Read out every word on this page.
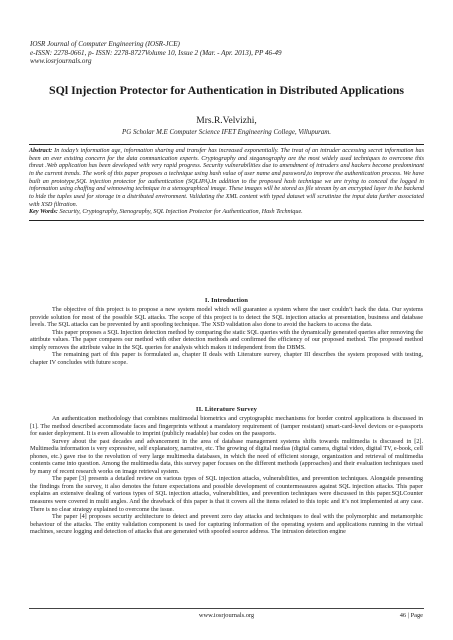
IOSR Journal of Computer Engineering (IOSR-JCE)
e-ISSN: 2278-0661, p- ISSN: 2278-8727Volume 10, Issue 2 (Mar. - Apr. 2013), PP 46-49
www.iosrjournals.org
SQl Injection Protector for Authentication in Distributed Applications
Mrs.R.Velvizhi,
PG Scholar M.E Computer Science IFET Engineering College, Villupuram.
Abstract: In today’s information age, information sharing and transfer has increased exponentially. The treat of an intruder accessing secret information has been an ever existing concern for the data communication experts. Cryptography and steganography are the most widely used techniques to overcome this threat .Web application has been developed with very rapid progress. Security vulnerabilities due to amendment of intruders and hackers become predominant in the current trends. The work of this paper proposes a technique using hash value of user name and password,to improve the authentication process. We have built an prototype,SQL injection protector for authentication (SQLIPA).In addition to the proposed hash technique we are trying to conceal the logged in information using chaffing and winnowing technique in a stenographical image. These images will be stored as file stream by an encrypted layer in the backend to hide the tuples used for storage in a distributed environment. Validating the XML content with typed dataset will scrutinize the input data further associated with XSD filtration.
Key Words: Security, Cryptography, Stenography, SQL Injection Protector for Authentication, Hash Technique.
I. Introduction

The objective of this project is to propose a new system model which will guarantee a system where the user couldn’t hack the data. Our systems provide solution for most of the possible SQL attacks. The scope of this project is to detect the SQL injection attacks at presentation, business and database levels. The SQL attacks can be prevented by anti spoofing technique. The XSD validation also done to avoid the hackers to access the data.

This paper proposes a SQL Injection detection method by comparing the static SQL queries with the dynamically generated queries after removing the attribute values. The paper compares our method with other detection methods and confirmed the efficiency of our proposed method. The proposed method simply removes the attribute value in the SQL queries for analysis which makes it independent from the DBMS.

The remaining part of this paper is formulated as, chapter II deals with Literature survey, chapter III describes the system proposed with testing, chapter IV concludes with future scope.

II. Literature Survey

An authentication methodology that combines multimodal biometrics and cryptographic mechanisms for border control applications is discussed in [1]. The method described accommodate faces and fingerprints without a mandatory requirement of (tamper resistant) smart-card-level devices or e-passports for easier deployment. It is even allowable to imprint (publicly readable) bar codes on the passports.

Survey about the past decades and advancement in the area of database management systems shifts towards multimedia is discussed in [2]. Multimedia information is very expressive, self explanatory, narrative, etc. The growing of digital medias (digital camera, digital video, digital TV, e-book, cell phones, etc.) gave rise to the revolution of very large multimedia databases, in which the need of efficient storage, organization and retrieval of multimedia contents came into question. Among the multimedia data, this survey paper focuses on the different methods (approaches) and their evaluation techniques used by many of recent research works on image retrieval system.

The paper [3] presents a detailed review on various types of SQL injection attacks, vulnerabilities, and prevention techniques. Alongside presenting the findings from the survey, it also denotes the future expectations and possible development of countermeasures against SQL injection attacks. This paper explains an extensive dealing of various types of SQL injection attacks, vulnerabilities, and prevention techniques were discussed in this paper.SQLCounter measures were covered in multi angles. And the drawback of this paper is that it covers all the items related to this topic and it’s not implemented at any case. There is no clear strategy explained to overcome the issue.

The paper [4] proposes security architecture to detect and prevent zero day attacks and techniques to deal with the polymorphic and metamorphic behaviour of the attacks. The entity validation component is used for capturing information of the operating system and applications running in the virtual machines, secure logging and detection of attacks that are generated with spoofed source address. The intrusion detection engine

www.iosrjournals.org	46 | Page
